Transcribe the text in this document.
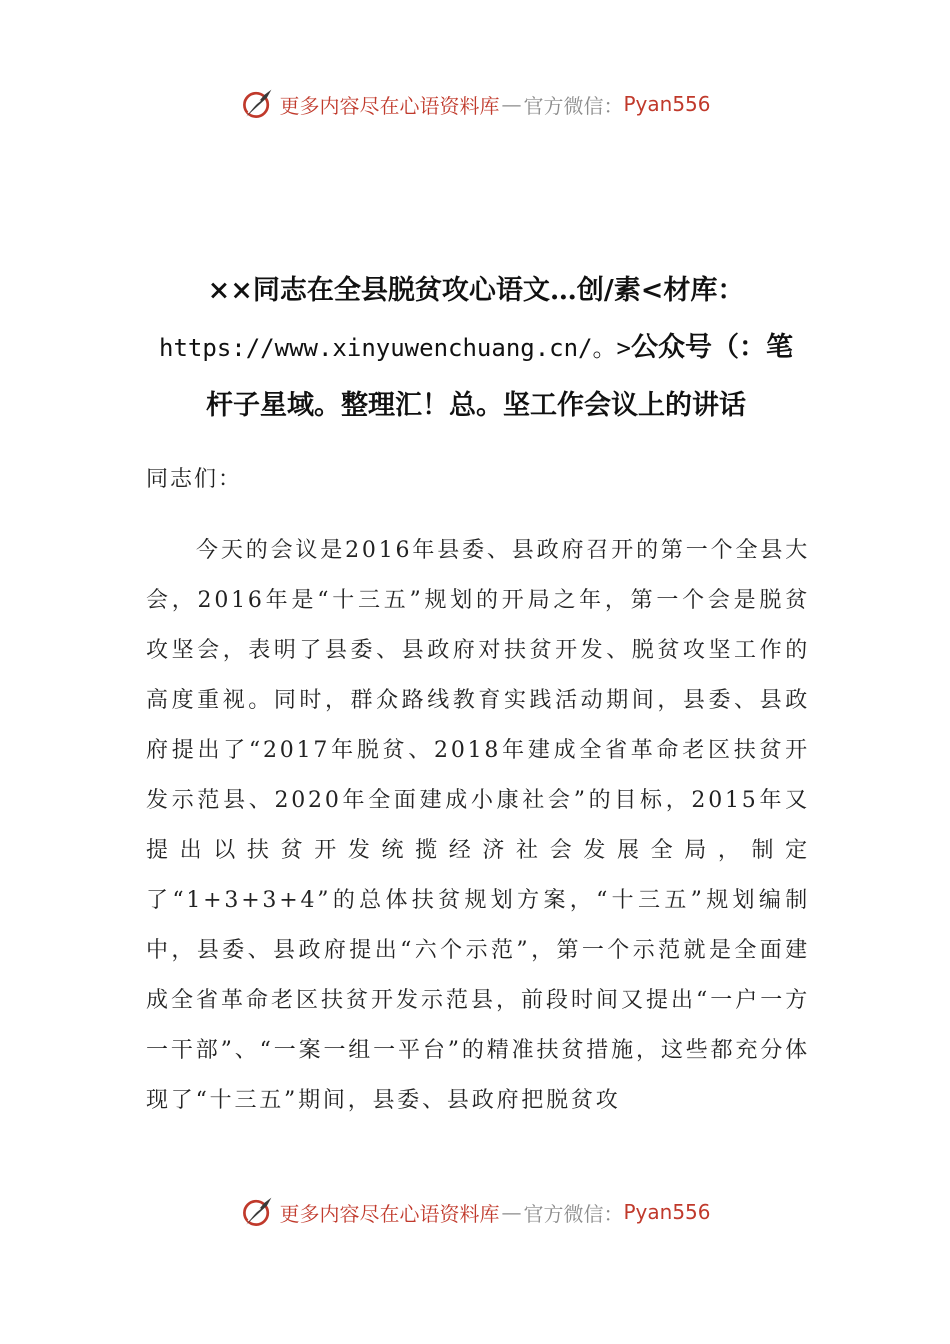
更多内容尽在心语资料库 — 官方微信： Pyan556
××同志在全县脱贫攻心语文…创/素<材库：
https://www.xinyuwenchuang.cn/。>公众号（：笔杆子星域。整理汇！总。坚工作会议上的讲话
同志们：

今天的会议是2016年县委、县政府召开的第一个全县大会，2016年是“十三五”规划的开局之年，第一个会是脱贫攻坚会，表明了县委、县政府对扶贫开发、脱贫攻坚工作的高度重视。同时，群众路线教育实践活动期间，县委、县政府提出了“2017年脱贫、2018年建成全省革命老区扶贫开发示范县、2020年全面建成小康社会”的目标，2015年又提出以扶贫开发统揽经济社会发展全局，制定了“1+3+3+4”的总体扶贫规划方案，“十三五”规划编制中，县委、县政府提出“六个示范”，第一个示范就是全面建成全省革命老区扶贫开发示范县，前段时间又提出“一户一方一干部”、“一案一组一平台”的精准扶贫措施，这些都充分体现了“十三五”期间，县委、县政府把脱贫攻

更多内容尽在心语资料库 — 官方微信： Pyan556
